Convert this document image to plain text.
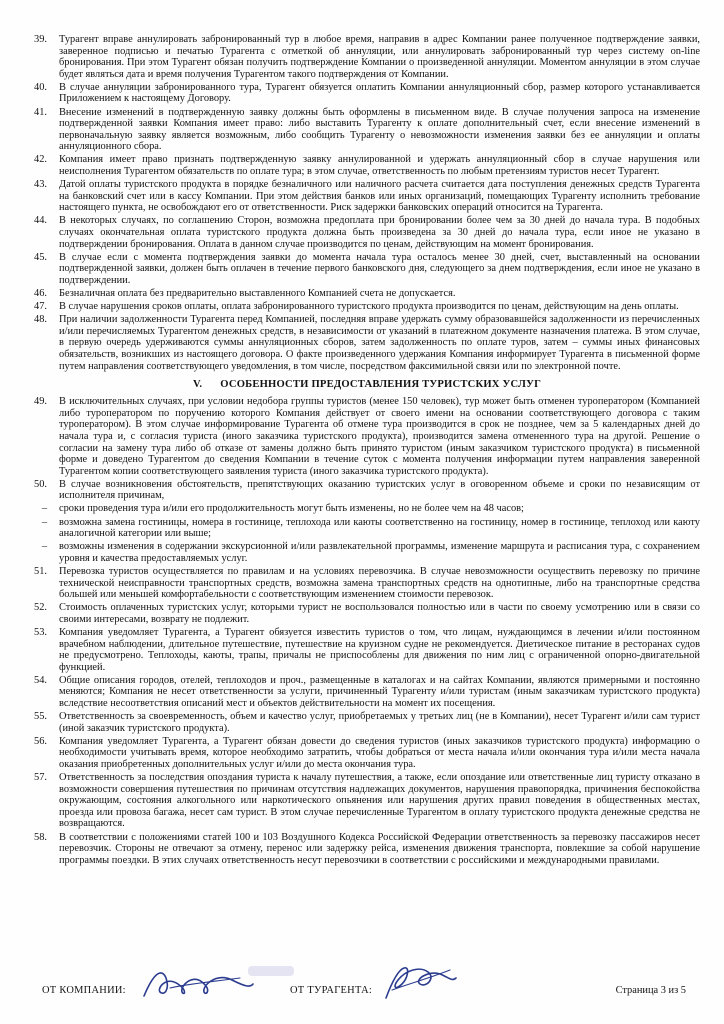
39.	Турагент вправе аннулировать забронированный тур в любое время, направив в адрес Компании ранее полученное подтверждение заявки, заверенное подписью и печатью Турагента с отметкой об аннуляции, или аннулировать забронированный тур через систему on-line бронирования. При этом Турагент обязан получить подтверждение Компании о произведенной аннуляции. Моментом аннуляции в этом случае будет являться дата и время получения Турагентом такого подтверждения от Компании.
40.	В случае аннуляции забронированного тура, Турагент обязуется оплатить Компании аннуляционный сбор, размер которого устанавливается Приложением к настоящему Договору.
41.	Внесение изменений в подтвержденную заявку должны быть оформлены в письменном виде. В случае получения запроса на изменение подтвержденной заявки Компания имеет право: либо выставить Турагенту к оплате дополнительный счет, если внесение изменений в первоначальную заявку является возможным, либо сообщить Турагенту о невозможности изменения заявки без ее аннуляции и оплаты аннуляционного сбора.
42.	Компания имеет право признать подтвержденную заявку аннулированной и удержать аннуляционный сбор в случае нарушения или неисполнения Турагентом обязательств по оплате тура; в этом случае, ответственность по любым претензиям туристов несет Турагент.
43.	Датой оплаты туристского продукта в порядке безналичного или наличного расчета считается дата поступления денежных средств Турагента на банковский счет или в кассу Компании. При этом действия банков или иных организаций, помещающих Турагенту исполнить требование настоящего пункта, не освобождают его от ответственности. Риск задержки банковских операций относится на Турагента.
44.	В некоторых случаях, по соглашению Сторон, возможна предоплата при бронировании более чем за 30 дней до начала тура. В подобных случаях окончательная оплата туристского продукта должна быть произведена за 30 дней до начала тура, если иное не указано в подтверждении бронирования. Оплата в данном случае производится по ценам, действующим на момент бронирования.
45.	В случае если с момента подтверждения заявки до момента начала тура осталось менее 30 дней, счет, выставленный на основании подтвержденной заявки, должен быть оплачен в течение первого банковского дня, следующего за днем подтверждения, если иное не указано в подтверждении.
46.	Безналичная оплата без предварительно выставленного Компанией счета не допускается.
47.	В случае нарушения сроков оплаты, оплата забронированного туристского продукта производится по ценам, действующим на день оплаты.
48.	При наличии задолженности Турагента перед Компанией, последняя вправе удержать сумму образовавшейся задолженности из перечисленных и/или перечисляемых Турагентом денежных средств, в независимости от указаний в платежном документе назначения платежа. В этом случае, в первую очередь удерживаются суммы аннуляционных сборов, затем задолженность по оплате туров, затем – суммы иных финансовых обязательств, возникших из настоящего договора. О факте произведенного удержания Компания информирует Турагента в письменной форме путем направления соответствующего уведомления, в том числе, посредством факсимильной связи или по электронной почте.
V. ОСОБЕННОСТИ ПРЕДОСТАВЛЕНИЯ ТУРИСТСКИХ УСЛУГ
49.	В исключительных случаях, при условии недобора группы туристов (менее 150 человек), тур может быть отменен туроператором (Компанией либо туроператором по поручению которого Компания действует от своего имени на основании соответствующего договора с таким туроператором). В этом случае информирование Турагента об отмене тура производится в срок не позднее, чем за 5 календарных дней до начала тура и, с согласия туриста (иного заказчика туристского продукта), производится замена отмененного тура на другой. Решение о согласии на замену тура либо об отказе от замены должно быть принято туристом (иным заказчиком туристского продукта) в письменной форме и доведено Турагентом до сведения Компании в течение суток с момента получения информации путем направления заверенной Турагентом копии соответствующего заявления туриста (иного заказчика туристского продукта).
50.	В случае возникновения обстоятельств, препятствующих оказанию туристских услуг в оговоренном объеме и сроки по независящим от исполнителя причинам,
–	сроки проведения тура и/или его продолжительность могут быть изменены, но не более чем на 48 часов;
–	возможна замена гостиницы, номера в гостинице, теплохода или каюты соответственно на гостиницу, номер в гостинице, теплоход или каюту аналогичной категории или выше;
–	возможны изменения в содержании экскурсионной и/или развлекательной программы, изменение маршрута и расписания тура, с сохранением уровня и качества предоставляемых услуг.
51.	Перевозка туристов осуществляется по правилам и на условиях перевозчика. В случае невозможности осуществить перевозку по причине технической неисправности транспортных средств, возможна замена транспортных средств на однотипные, либо на транспортные средства большей или меньшей комфортабельности с соответствующим изменением стоимости перевозок.
52.	Стоимость оплаченных туристских услуг, которыми турист не воспользовался полностью или в части по своему усмотрению или в связи со своими интересами, возврату не подлежит.
53.	Компания уведомляет Турагента, а Турагент обязуется известить туристов о том, что лицам, нуждающимся в лечении и/или постоянном врачебном наблюдении, длительное путешествие, путешествие на круизном судне не рекомендуется. Диетическое питание в ресторанах судов не предусмотрено. Теплоходы, каюты, трапы, причалы не приспособлены для движения по ним лиц с ограниченной опорно-двигательной функцией.
54.	Общие описания городов, отелей, теплоходов и проч., размещенные в каталогах и на сайтах Компании, являются примерными и постоянно меняются; Компания не несет ответственности за услуги, причиненный Турагенту и/или туристам (иным заказчикам туристского продукта) вследствие несоответствия описаний мест и объектов действительности на момент их посещения.
55.	Ответственность за своевременность, объем и качество услуг, приобретаемых у третьих лиц (не в Компании), несет Турагент и/или сам турист (иной заказчик туристского продукта).
56.	Компания уведомляет Турагента, а Турагент обязан довести до сведения туристов (иных заказчиков туристского продукта) информацию о необходимости учитывать время, которое необходимо затратить, чтобы добраться от места начала и/или окончания тура и/или места начала оказания приобретенных дополнительных услуг и/или до места окончания тура.
57.	Ответственность за последствия опоздания туриста к началу путешествия, а также, если опоздание или ответственные лиц туристу отказано в возможности совершения путешествия по причинам отсутствия надлежащих документов, нарушения правопорядка, причинения беспокойства окружающим, состояния алкогольного или наркотического опьянения или нарушения других правил поведения в общественных местах, проезда или провоза багажа, несет сам турист. В этом случае перечисленные Турагентом в оплату туристского продукта денежные средства не возвращаются.
58.	В соответствии с положениями статей 100 и 103 Воздушного Кодекса Российской Федерации ответственность за перевозку пассажиров несет перевозчик. Стороны не отвечают за отмену, перенос или задержку рейса, изменения движения транспорта, повлекшие за собой нарушение программы поездки. В этих случаях ответственность несут перевозчики в соответствии с российскими и международными правилами.
ОТ КОМПАНИИ:	ОТ ТУРАГЕНТА:	Страница 3 из 5
